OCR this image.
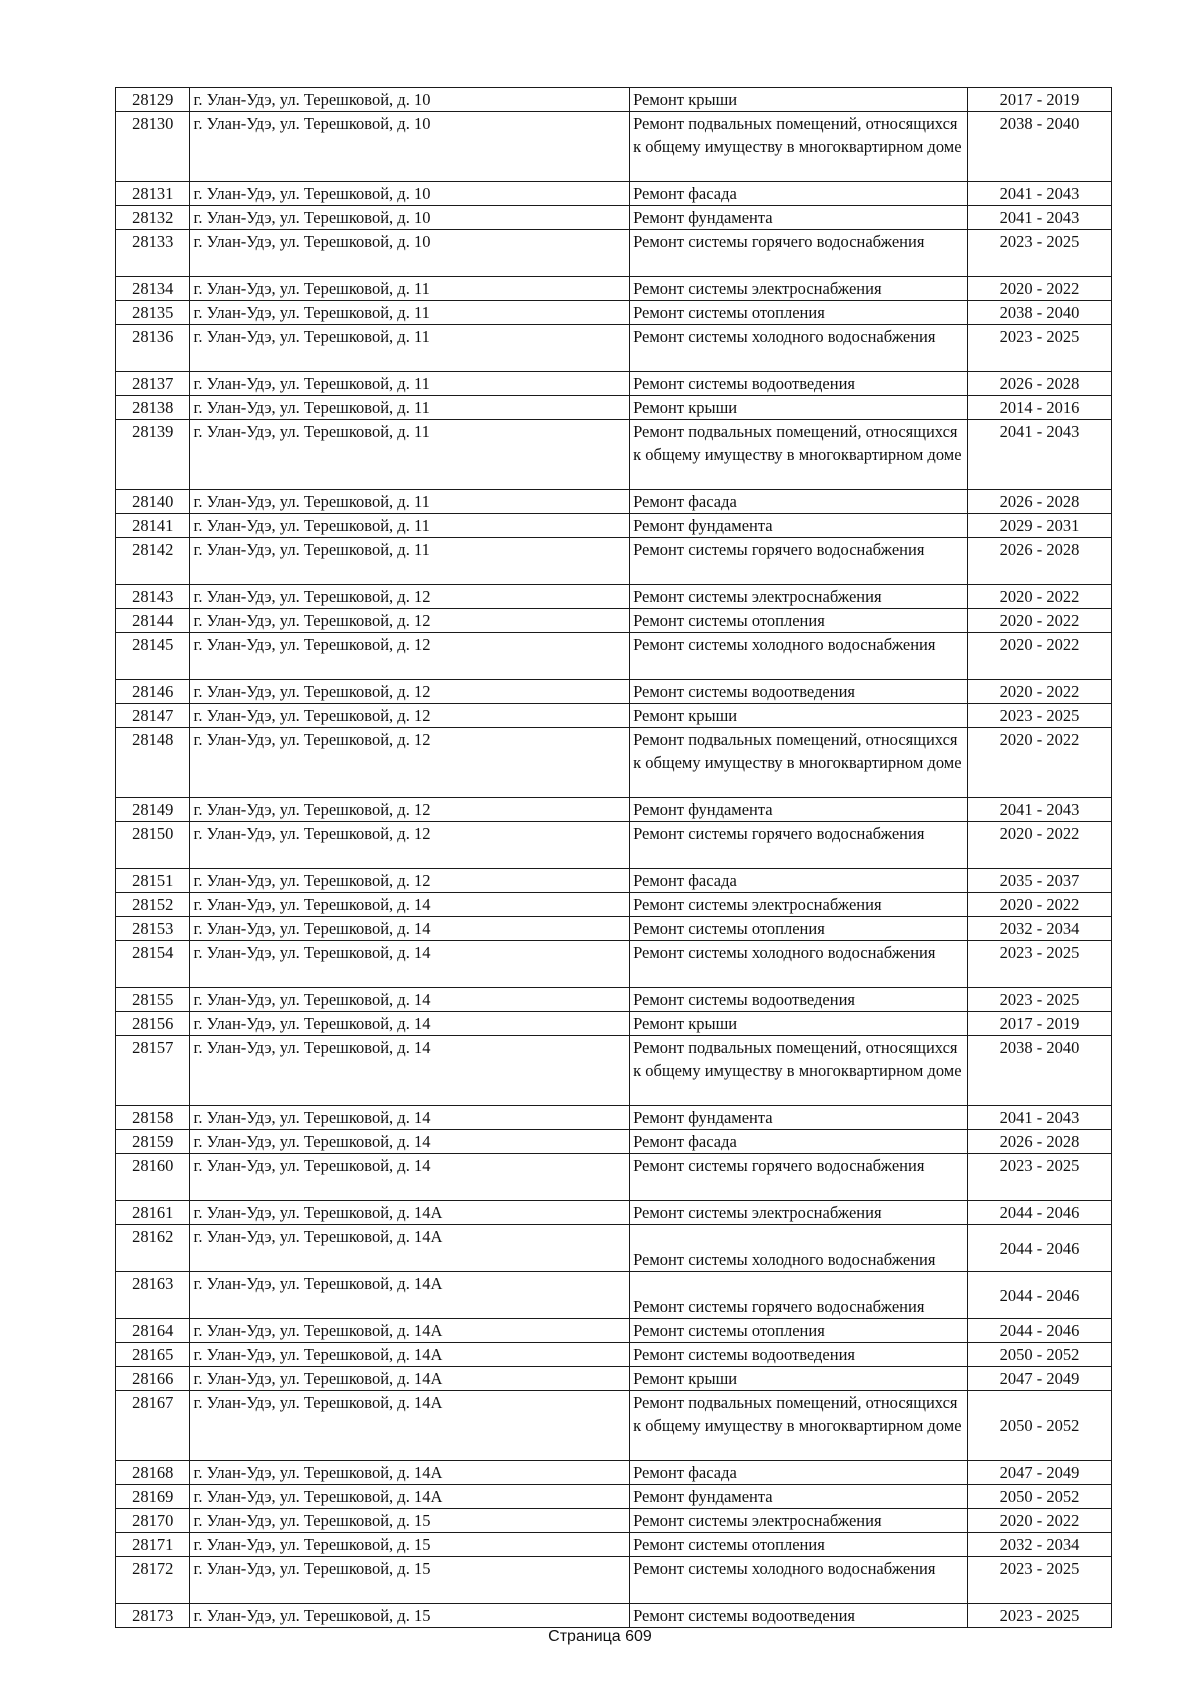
28129	г. Улан-Удэ, ул. Терешковой, д. 10	Ремонт крыши	2017 - 2019
28130	г. Улан-Удэ, ул. Терешковой, д. 10	Ремонт подвальных помещений, относящихся к общему имуществу в многоквартирном доме	2038 - 2040
28131	г. Улан-Удэ, ул. Терешковой, д. 10	Ремонт фасада	2041 - 2043
28132	г. Улан-Удэ, ул. Терешковой, д. 10	Ремонт фундамента	2041 - 2043
28133	г. Улан-Удэ, ул. Терешковой, д. 10	Ремонт системы горячего водоснабжения	2023 - 2025
28134	г. Улан-Удэ, ул. Терешковой, д. 11	Ремонт системы электроснабжения	2020 - 2022
28135	г. Улан-Удэ, ул. Терешковой, д. 11	Ремонт системы отопления	2038 - 2040
28136	г. Улан-Удэ, ул. Терешковой, д. 11	Ремонт системы холодного водоснабжения	2023 - 2025
28137	г. Улан-Удэ, ул. Терешковой, д. 11	Ремонт системы водоотведения	2026 - 2028
28138	г. Улан-Удэ, ул. Терешковой, д. 11	Ремонт крыши	2014 - 2016
28139	г. Улан-Удэ, ул. Терешковой, д. 11	Ремонт подвальных помещений, относящихся к общему имуществу в многоквартирном доме	2041 - 2043
28140	г. Улан-Удэ, ул. Терешковой, д. 11	Ремонт фасада	2026 - 2028
28141	г. Улан-Удэ, ул. Терешковой, д. 11	Ремонт фундамента	2029 - 2031
28142	г. Улан-Удэ, ул. Терешковой, д. 11	Ремонт системы горячего водоснабжения	2026 - 2028
28143	г. Улан-Удэ, ул. Терешковой, д. 12	Ремонт системы электроснабжения	2020 - 2022
28144	г. Улан-Удэ, ул. Терешковой, д. 12	Ремонт системы отопления	2020 - 2022
28145	г. Улан-Удэ, ул. Терешковой, д. 12	Ремонт системы холодного водоснабжения	2020 - 2022
28146	г. Улан-Удэ, ул. Терешковой, д. 12	Ремонт системы водоотведения	2020 - 2022
28147	г. Улан-Удэ, ул. Терешковой, д. 12	Ремонт крыши	2023 - 2025
28148	г. Улан-Удэ, ул. Терешковой, д. 12	Ремонт подвальных помещений, относящихся к общему имуществу в многоквартирном доме	2020 - 2022
28149	г. Улан-Удэ, ул. Терешковой, д. 12	Ремонт фундамента	2041 - 2043
28150	г. Улан-Удэ, ул. Терешковой, д. 12	Ремонт системы горячего водоснабжения	2020 - 2022
28151	г. Улан-Удэ, ул. Терешковой, д. 12	Ремонт фасада	2035 - 2037
28152	г. Улан-Удэ, ул. Терешковой, д. 14	Ремонт системы электроснабжения	2020 - 2022
28153	г. Улан-Удэ, ул. Терешковой, д. 14	Ремонт системы отопления	2032 - 2034
28154	г. Улан-Удэ, ул. Терешковой, д. 14	Ремонт системы холодного водоснабжения	2023 - 2025
28155	г. Улан-Удэ, ул. Терешковой, д. 14	Ремонт системы водоотведения	2023 - 2025
28156	г. Улан-Удэ, ул. Терешковой, д. 14	Ремонт крыши	2017 - 2019
28157	г. Улан-Удэ, ул. Терешковой, д. 14	Ремонт подвальных помещений, относящихся к общему имуществу в многоквартирном доме	2038 - 2040
28158	г. Улан-Удэ, ул. Терешковой, д. 14	Ремонт фундамента	2041 - 2043
28159	г. Улан-Удэ, ул. Терешковой, д. 14	Ремонт фасада	2026 - 2028
28160	г. Улан-Удэ, ул. Терешковой, д. 14	Ремонт системы горячего водоснабжения	2023 - 2025
28161	г. Улан-Удэ, ул. Терешковой, д. 14А	Ремонт системы электроснабжения	2044 - 2046
28162	г. Улан-Удэ, ул. Терешковой, д. 14А	Ремонт системы холодного водоснабжения	2044 - 2046
28163	г. Улан-Удэ, ул. Терешковой, д. 14А	Ремонт системы горячего водоснабжения	2044 - 2046
28164	г. Улан-Удэ, ул. Терешковой, д. 14А	Ремонт системы отопления	2044 - 2046
28165	г. Улан-Удэ, ул. Терешковой, д. 14А	Ремонт системы водоотведения	2050 - 2052
28166	г. Улан-Удэ, ул. Терешковой, д. 14А	Ремонт крыши	2047 - 2049
28167	г. Улан-Удэ, ул. Терешковой, д. 14А	Ремонт подвальных помещений, относящихся к общему имуществу в многоквартирном доме	2050 - 2052
28168	г. Улан-Удэ, ул. Терешковой, д. 14А	Ремонт фасада	2047 - 2049
28169	г. Улан-Удэ, ул. Терешковой, д. 14А	Ремонт фундамента	2050 - 2052
28170	г. Улан-Удэ, ул. Терешковой, д. 15	Ремонт системы электроснабжения	2020 - 2022
28171	г. Улан-Удэ, ул. Терешковой, д. 15	Ремонт системы отопления	2032 - 2034
28172	г. Улан-Удэ, ул. Терешковой, д. 15	Ремонт системы холодного водоснабжения	2023 - 2025
28173	г. Улан-Удэ, ул. Терешковой, д. 15	Ремонт системы водоотведения	2023 - 2025
Страница 609
